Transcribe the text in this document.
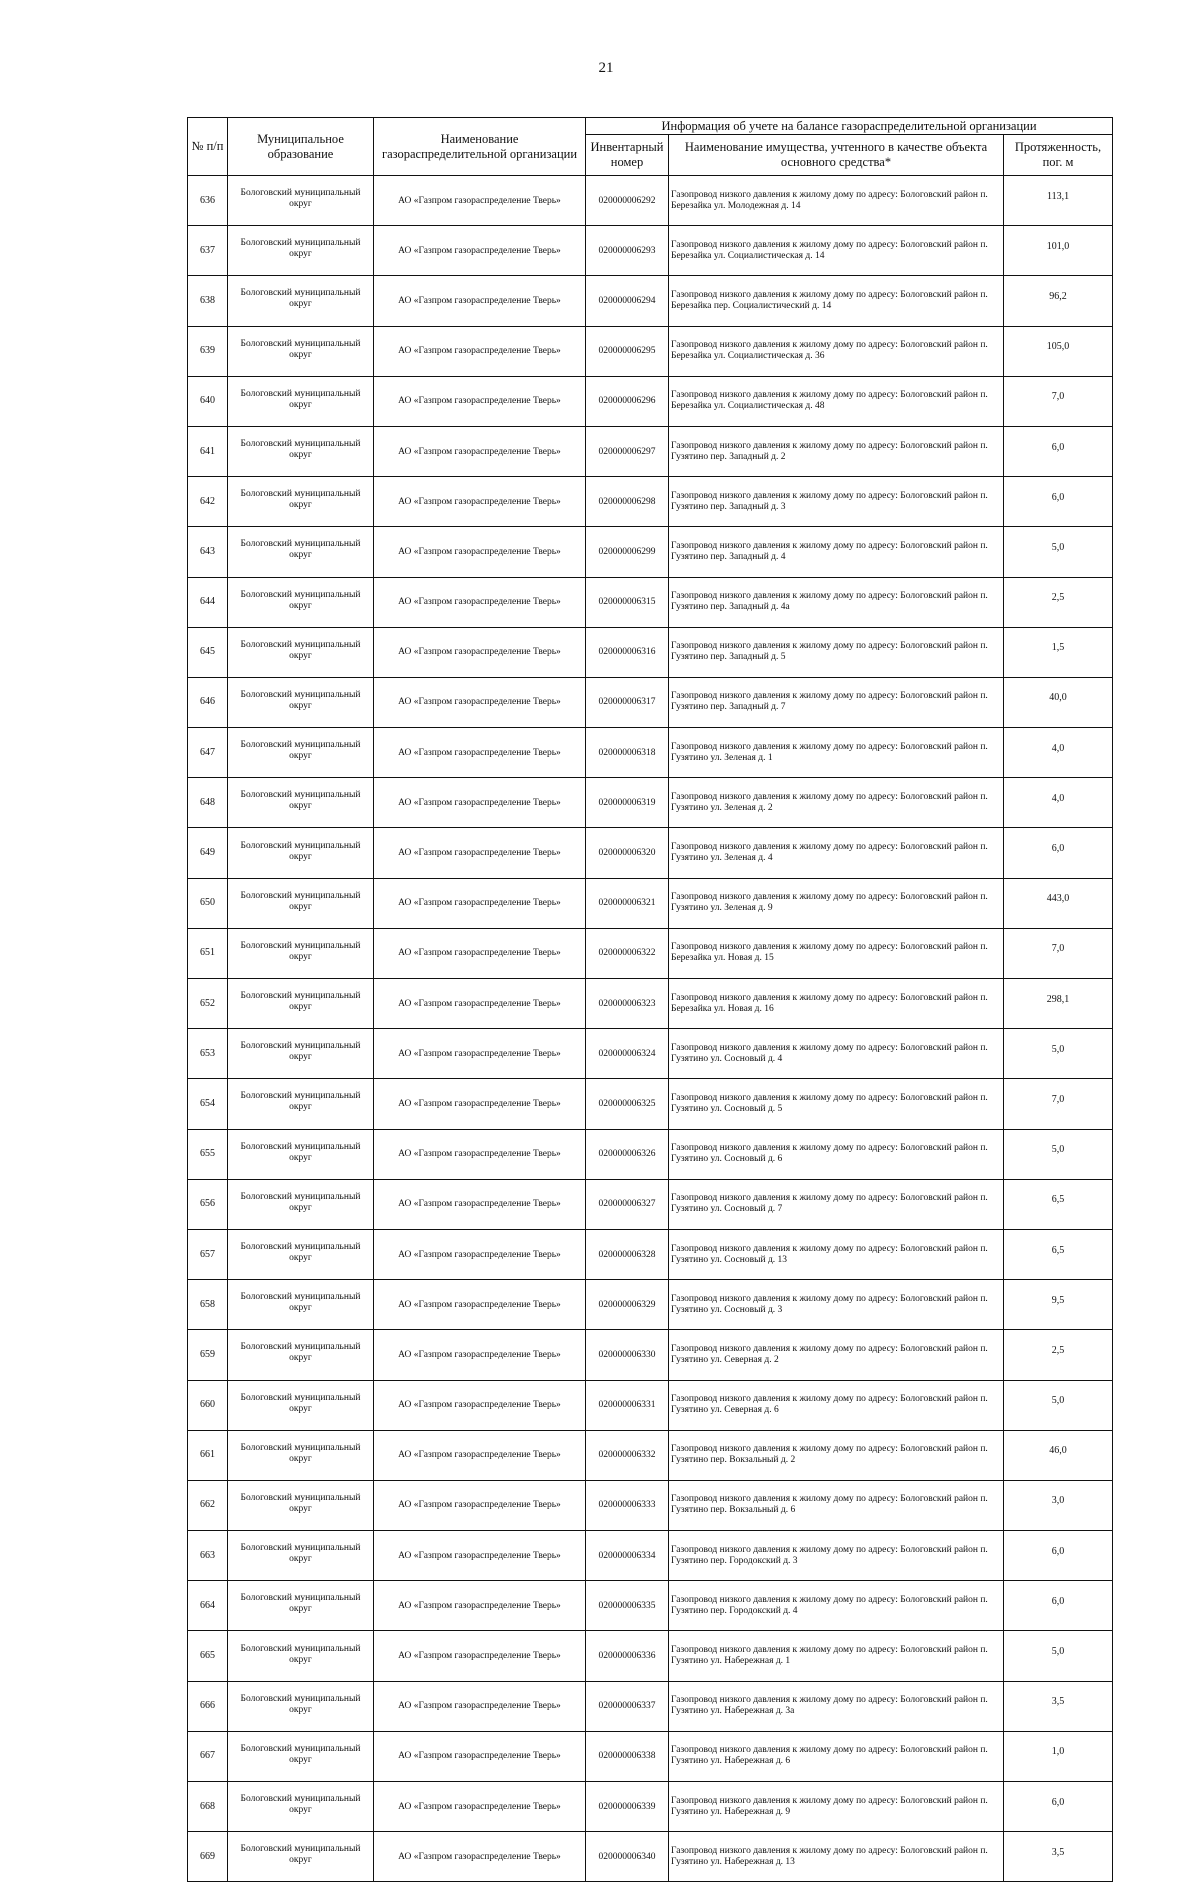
21
№ п/п	Муниципальное образование	Наименование газораспределительной организации	Информация об учете на балансе газораспределительной организации		
			Инвентарный номер	Наименование имущества, учтенного в качестве объекта основного средства*	Протяженность, пог. м
636	Бологовский муниципальный округ	АО «Газпром газораспределение Тверь»	020000006292	Газопровод низкого давления к жилому дому по адресу: Бологовский район п. Березайка ул. Молодежная д. 14	113,1
637	Бологовский муниципальный округ	АО «Газпром газораспределение Тверь»	020000006293	Газопровод низкого давления к жилому дому по адресу: Бологовский район п. Березайка ул. Социалистическая д. 14	101,0
638	Бологовский муниципальный округ	АО «Газпром газораспределение Тверь»	020000006294	Газопровод низкого давления к жилому дому по адресу: Бологовский район п. Березайка пер. Социалистический д. 14	96,2
639	Бологовский муниципальный округ	АО «Газпром газораспределение Тверь»	020000006295	Газопровод низкого давления к жилому дому по адресу: Бологовский район п. Березайка ул. Социалистическая д. 36	105,0
640	Бологовский муниципальный округ	АО «Газпром газораспределение Тверь»	020000006296	Газопровод низкого давления к жилому дому по адресу: Бологовский район п. Березайка ул. Социалистическая д. 48	7,0
641	Бологовский муниципальный округ	АО «Газпром газораспределение Тверь»	020000006297	Газопровод низкого давления к жилому дому по адресу: Бологовский район п. Гузятино пер. Западный д. 2	6,0
642	Бологовский муниципальный округ	АО «Газпром газораспределение Тверь»	020000006298	Газопровод низкого давления к жилому дому по адресу: Бологовский район п. Гузятино пер. Западный д. 3	6,0
643	Бологовский муниципальный округ	АО «Газпром газораспределение Тверь»	020000006299	Газопровод низкого давления к жилому дому по адресу: Бологовский район п. Гузятино пер. Западный д. 4	5,0
644	Бологовский муниципальный округ	АО «Газпром газораспределение Тверь»	020000006315	Газопровод низкого давления к жилому дому по адресу: Бологовский район п. Гузятино пер. Западный д. 4а	2,5
645	Бологовский муниципальный округ	АО «Газпром газораспределение Тверь»	020000006316	Газопровод низкого давления к жилому дому по адресу: Бологовский район п. Гузятино пер. Западный д. 5	1,5
646	Бологовский муниципальный округ	АО «Газпром газораспределение Тверь»	020000006317	Газопровод низкого давления к жилому дому по адресу: Бологовский район п. Гузятино пер. Западный д. 7	40,0
647	Бологовский муниципальный округ	АО «Газпром газораспределение Тверь»	020000006318	Газопровод низкого давления к жилому дому по адресу: Бологовский район п. Гузятино ул. Зеленая д. 1	4,0
648	Бологовский муниципальный округ	АО «Газпром газораспределение Тверь»	020000006319	Газопровод низкого давления к жилому дому по адресу: Бологовский район п. Гузятино ул. Зеленая д. 2	4,0
649	Бологовский муниципальный округ	АО «Газпром газораспределение Тверь»	020000006320	Газопровод низкого давления к жилому дому по адресу: Бологовский район п. Гузятино ул. Зеленая д. 4	6,0
650	Бологовский муниципальный округ	АО «Газпром газораспределение Тверь»	020000006321	Газопровод низкого давления к жилому дому по адресу: Бологовский район п. Гузятино ул. Зеленая д. 9	443,0
651	Бологовский муниципальный округ	АО «Газпром газораспределение Тверь»	020000006322	Газопровод низкого давления к жилому дому по адресу: Бологовский район п. Березайка ул. Новая д. 15	7,0
652	Бологовский муниципальный округ	АО «Газпром газораспределение Тверь»	020000006323	Газопровод низкого давления к жилому дому по адресу: Бологовский район п. Березайка ул. Новая д. 16	298,1
653	Бологовский муниципальный округ	АО «Газпром газораспределение Тверь»	020000006324	Газопровод низкого давления к жилому дому по адресу: Бологовский район п. Гузятино ул. Сосновый д. 4	5,0
654	Бологовский муниципальный округ	АО «Газпром газораспределение Тверь»	020000006325	Газопровод низкого давления к жилому дому по адресу: Бологовский район п. Гузятино ул. Сосновый д. 5	7,0
655	Бологовский муниципальный округ	АО «Газпром газораспределение Тверь»	020000006326	Газопровод низкого давления к жилому дому по адресу: Бологовский район п. Гузятино ул. Сосновый д. 6	5,0
656	Бологовский муниципальный округ	АО «Газпром газораспределение Тверь»	020000006327	Газопровод низкого давления к жилому дому по адресу: Бологовский район п. Гузятино ул. Сосновый д. 7	6,5
657	Бологовский муниципальный округ	АО «Газпром газораспределение Тверь»	020000006328	Газопровод низкого давления к жилому дому по адресу: Бологовский район п. Гузятино ул. Сосновый д. 13	6,5
658	Бологовский муниципальный округ	АО «Газпром газораспределение Тверь»	020000006329	Газопровод низкого давления к жилому дому по адресу: Бологовский район п. Гузятино ул. Сосновый д. 3	9,5
659	Бологовский муниципальный округ	АО «Газпром газораспределение Тверь»	020000006330	Газопровод низкого давления к жилому дому по адресу: Бологовский район п. Гузятино ул. Северная д. 2	2,5
660	Бологовский муниципальный округ	АО «Газпром газораспределение Тверь»	020000006331	Газопровод низкого давления к жилому дому по адресу: Бологовский район п. Гузятино ул. Северная д. 6	5,0
661	Бологовский муниципальный округ	АО «Газпром газораспределение Тверь»	020000006332	Газопровод низкого давления к жилому дому по адресу: Бологовский район п. Гузятино пер. Вокзальный д. 2	46,0
662	Бологовский муниципальный округ	АО «Газпром газораспределение Тверь»	020000006333	Газопровод низкого давления к жилому дому по адресу: Бологовский район п. Гузятино пер. Вокзальный д. 6	3,0
663	Бологовский муниципальный округ	АО «Газпром газораспределение Тверь»	020000006334	Газопровод низкого давления к жилому дому по адресу: Бологовский район п. Гузятино пер. Городокский д. 3	6,0
664	Бологовский муниципальный округ	АО «Газпром газораспределение Тверь»	020000006335	Газопровод низкого давления к жилому дому по адресу: Бологовский район п. Гузятино пер. Городокский д. 4	6,0
665	Бологовский муниципальный округ	АО «Газпром газораспределение Тверь»	020000006336	Газопровод низкого давления к жилому дому по адресу: Бологовский район п. Гузятино ул. Набережная д. 1	5,0
666	Бологовский муниципальный округ	АО «Газпром газораспределение Тверь»	020000006337	Газопровод низкого давления к жилому дому по адресу: Бологовский район п. Гузятино ул. Набережная д. 3а	3,5
667	Бологовский муниципальный округ	АО «Газпром газораспределение Тверь»	020000006338	Газопровод низкого давления к жилому дому по адресу: Бологовский район п. Гузятино ул. Набережная д. 6	1,0
668	Бологовский муниципальный округ	АО «Газпром газораспределение Тверь»	020000006339	Газопровод низкого давления к жилому дому по адресу: Бологовский район п. Гузятино ул. Набережная д. 9	6,0
669	Бологовский муниципальный округ	АО «Газпром газораспределение Тверь»	020000006340	Газопровод низкого давления к жилому дому по адресу: Бологовский район п. Гузятино ул. Набережная д. 13	3,5
